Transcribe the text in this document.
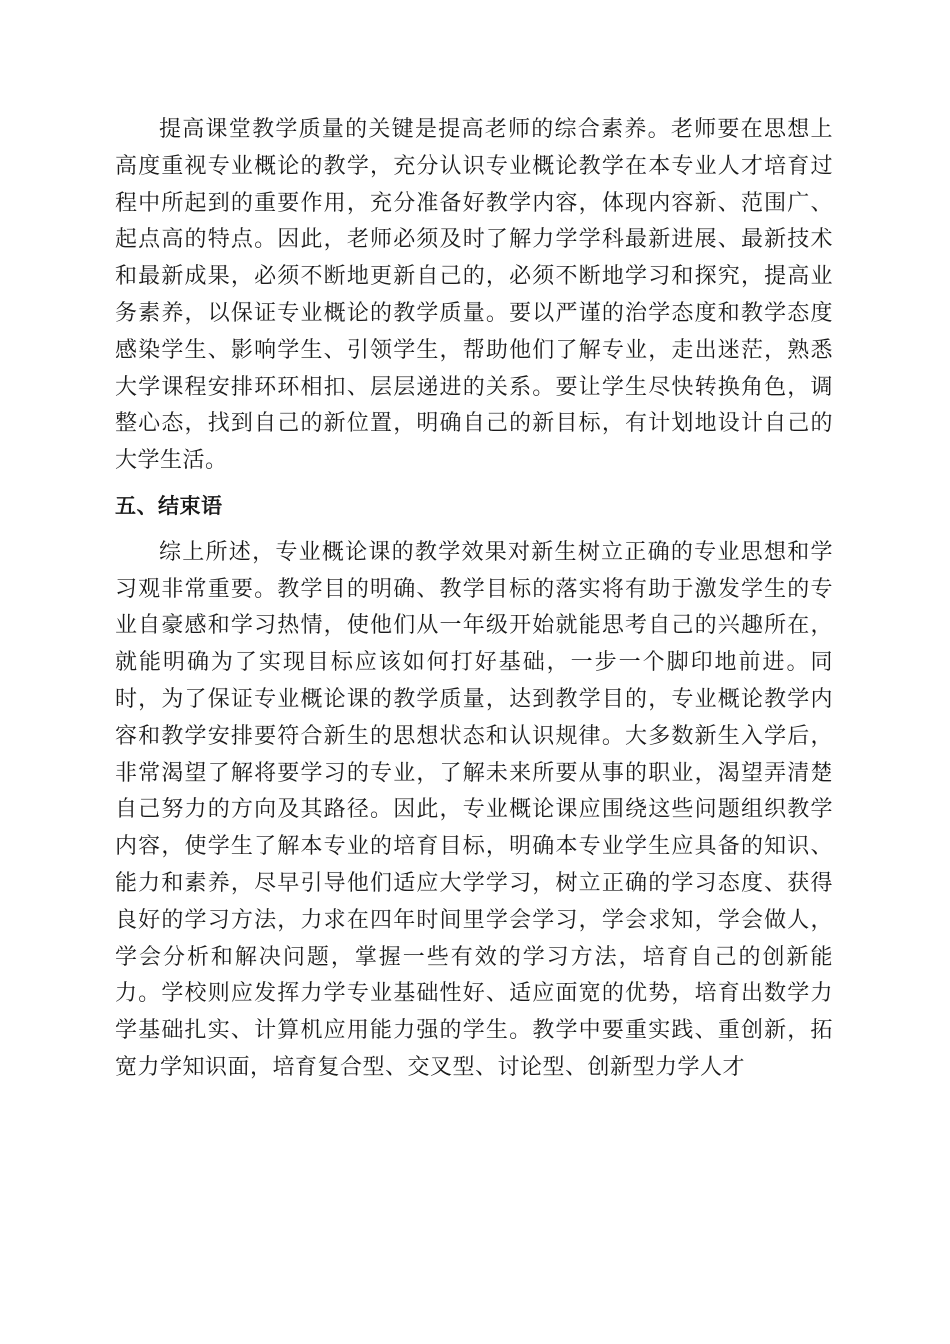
提高课堂教学质量的关键是提高老师的综合素养。老师要在思想上高度重视专业概论的教学，充分认识专业概论教学在本专业人才培育过程中所起到的重要作用，充分准备好教学内容，体现内容新、范围广、起点高的特点。因此，老师必须及时了解力学学科最新进展、最新技术和最新成果，必须不断地更新自己的，必须不断地学习和探究，提高业务素养，以保证专业概论的教学质量。要以严谨的治学态度和教学态度感染学生、影响学生、引领学生，帮助他们了解专业，走出迷茫，熟悉大学课程安排环环相扣、层层递进的关系。要让学生尽快转换角色，调整心态，找到自己的新位置，明确自己的新目标，有计划地设计自己的大学生活。

五、结束语

综上所述，专业概论课的教学效果对新生树立正确的专业思想和学习观非常重要。教学目的明确、教学目标的落实将有助于激发学生的专业自豪感和学习热情，使他们从一年级开始就能思考自己的兴趣所在，就能明确为了实现目标应该如何打好基础，一步一个脚印地前进。同时，为了保证专业概论课的教学质量，达到教学目的，专业概论教学内容和教学安排要符合新生的思想状态和认识规律。大多数新生入学后，非常渴望了解将要学习的专业，了解未来所要从事的职业，渴望弄清楚自己努力的方向及其路径。因此，专业概论课应围绕这些问题组织教学内容，使学生了解本专业的培育目标，明确本专业学生应具备的知识、能力和素养，尽早引导他们适应大学学习，树立正确的学习态度、获得良好的学习方法，力求在四年时间里学会学习，学会求知，学会做人，学会分析和解决问题，掌握一些有效的学习方法，培育自己的创新能力。学校则应发挥力学专业基础性好、适应面宽的优势，培育出数学力学基础扎实、计算机应用能力强的学生。教学中要重实践、重创新，拓宽力学知识面，培育复合型、交叉型、讨论型、创新型力学人才
